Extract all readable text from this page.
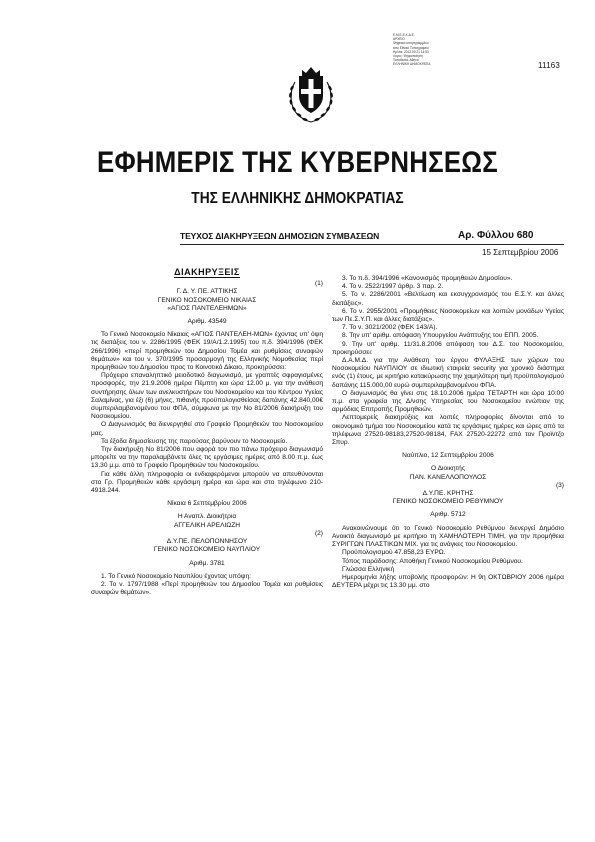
Ε.Μ.Ε.Ε.Κ.Δ.Ε.
ΑΡΧΕΙΟ
Ψηφιακά υπογεγραμμένο
από Εθνικό Τυπογραφείο
Ημ/νία: 2012.09.21 14:53
Λόγος: Ψηφιοποίηση
Τοποθεσία: Αθήνα
ΕΛΛΗΝΙΚΗ ΔΗΜΟΚΡΑΤΙΑ	11163
ΕΦΗΜΕΡΙΣ ΤΗΣ ΚΥΒΕΡΝΗΣΕΩΣ
ΤΗΣ ΕΛΛΗΝΙΚΗΣ ΔΗΜΟΚΡΑΤΙΑΣ
ΤΕΥΧΟΣ ΔΙΑΚΗΡΥΞΕΩΝ ΔΗΜΟΣΙΩΝ ΣΥΜΒΑΣΕΩΝ	Αρ. Φύλλου 680
15 Σεπτεμβρίου 2006
ΔΙΑΚΗΡΥΞΕΙΣ
(1)
Γ. Δ. Υ. ΠΕ. ΑΤΤΙΚΗΣ
ΓΕΝΙΚΟ ΝΟΣΟΚΟΜΕΙΟ ΝΙΚΑΙΑΣ
«ΑΓΙΟΣ ΠΑΝΤΕΛΕΗΜΩΝ»
Αριθμ. 43549

Το Γενικό Νοσοκομείο Νίκαιας «ΑΓΙΟΣ ΠΑΝΤΕΛΕΗ-ΜΩΝ» έχοντας υπ' όψη τις διατάξεις του ν. 2286/1995 (ΦΕΚ 19/Α/1.2.1995) του π.δ. 394/1996 (ΦΕΚ 266/1996) «περί προμηθειών του Δημοσίου Τομέα και ρυθμίσεις συναφών θεμάτων» και του ν. 370/1995 προσαρμογή της Ελληνικής Νομοθεσίας περί προμηθειών του Δημοσίου προς το Κοινοτικό Δίκαιο, προκηρύσσει:

Πρόχειρο επαναληπτικό μειοδοτικό διαγωνισμό, με γραπτές σφραγισμένες προσφορές, την 21.9.2006 ημέρα Πέμπτη και ώρα 12.00 μ. για την ανάθεση συντήρησης όλων των ανελκυστήρων του Νοσοκομείου και του Κέντρου Υγείας Σαλαμίνας, για έξι (6) μήνες, πιθανής προϋπολογισθείσας δαπάνης 42.840,00€ συμπεριλαμβανομένου του ΦΠΑ, σύμφωνα με την Νο 81/2006 διακήρυξη του Νοσοκομείου.

Ο Διαγωνισμός θα διενεργηθεί στο Γραφείο Προμηθειών του Νοσοκομείου μας.

Τα έξοδα δημοσίευσης της παρούσας βαρύνουν το Νοσοκομείο.

Την διακήρυξη Νο 81/2006 που αφορά τον πιο πάνω πρόχειρο διαγωνισμό μπορείτε να την παραλαμβάνετε όλες τις εργάσιμες ημέρες από 8.00 π.μ. έως 13.30 μ.μ. από το Γραφείο Προμηθειών του Νοσοκομείου.

Για κάθε άλλη πληροφορία οι ενδιαφερόμενοι μπορούν να απευθύνονται στο Γρ. Προμηθειών κάθε εργάσιμη ημέρα και ώρα και στο τηλέφωνο 210-4918.244.

Νίκαια 6 Σεπτεμβρίου 2006
Η Αναπλ. Διοικήτρια
ΑΓΓΕΛΙΚΗ ΑΡΕΛΙΩΖΗ
(2)
Δ.Υ.ΠΕ. ΠΕΛΟΠΟΝΝΗΣΟΥ
ΓΕΝΙΚΟ ΝΟΣΟΚΟΜΕΙΟ ΝΑΥΠΛΙΟΥ
Αριθμ. 3781

1. Το Γενικό Νοσοκομείο Ναυπλίου έχοντας υπόψη:

2. Το ν. 1797/1988 «Περί προμηθειών του Δημοσίου Τομέα και ρυθμίσεις συναφών θεμάτων».

3. Το π.δ. 394/1996 «Κανονισμός προμηθειών Δημοσίου».

4. Το ν. 2522/1997 άρθρ. 3 παρ. 2.

5. Το ν. 2286/2001 «Βελτίωση και εκσυγχρονισμός του Ε.Σ.Υ. και άλλες διατάξεις».

6. Το ν. 2955/2001 «Προμήθειες Νοσοκομείων και λοιπών μονάδων Υγείας των Πε.Σ.Υ.Π. και άλλες διατάξεις».

7. Το ν. 3021/2002 (ΦΕΚ 143/Α).

8. Την υπ' αριθμ. απόφαση Υπουργείου Ανάπτυξης του ΕΠΠ. 2005.

9. Την υπ' αριθμ. 11/31.8.2006 απόφαση του Δ.Σ. του Νοσοκομείου, προκηρύσσει:

Δ.Α.Μ.Δ. για την Ανάθεση του έργου ΦΥΛΑΞΗΣ των χώρων του Νοσοκομείου ΝΑΥΠΛΙΟΥ σε ιδιωτική εταιρεία security για χρονικό διάστημα ενός (1) έτους, με κριτήριο κατακύρωσης την χαμηλότερη τιμή προϋπολογισμού δαπάνης 115.000,00 ευρώ συμπεριλαμβανομένου ΦΠΑ.

Ο διαγωνισμός θα γίνει στις 18.10.2006 ημέρα ΤΕΤΑΡΤΗ και ώρα 10:00 π.μ. στα γραφεία της Δ/νσης Υπηρεσίας του Νοσοκομείου ενώπιον της αρμόδιας Επιτροπής Προμηθειών.

Λεπτομερείς διακηρύξεις και λοιπές πληροφορίες δίνονται από το οικονομικό τμήμα του Νοσοκομείου κατά τις εργάσιμες ημέρες και ώρες από τα τηλέφωνα 27520-98183,27520-98184, FAX 27520-22272 από τον Προϊντζο Σπυρ.

Ναύπλιο, 12 Σεπτεμβρίου 2006
Ο Διοικητής
ΠΑΝ. ΚΑΝΕΛΛΟΠΟΥΛΟΣ
(3)
Δ.Υ.ΠΕ. ΚΡΗΤΗΣ
ΓΕΝΙΚΟ ΝΟΣΟΚΟΜΕΙΟ ΡΕΘΥΜΝΟΥ
Αριθμ. 5712

Ανακοινώνουμε ότι το Γενικό Νοσοκομείο Ρεθύμνου διενεργεί Δημόσιο Ανοικτό διαγωνισμό με κριτήριο τη ΧΑΜΗΛΟΤΕΡΗ ΤΙΜΗ, για την προμήθεια ΣΥΡΙΓΓΩΝ ΠΛΑΣΤΙΚΩΝ ΜΙΧ. για τις ανάγκες του Νοσοκομείου.

Προϋπολογισμού 47.858,23 ΕΥΡΩ.

Τόπος παράδοσης: Αποθήκη Γενικού Νοσοκομείου Ρεθύμνου.

Γλώσσα Ελληνική

Ημερομηνία λήξης υποβολής προσφορών: Η 9η ΟΚΤΩΒΡΙΟΥ 2006 ημέρα ΔΕΥΤΕΡΑ μέχρι τις 13.30 μμ. στο
